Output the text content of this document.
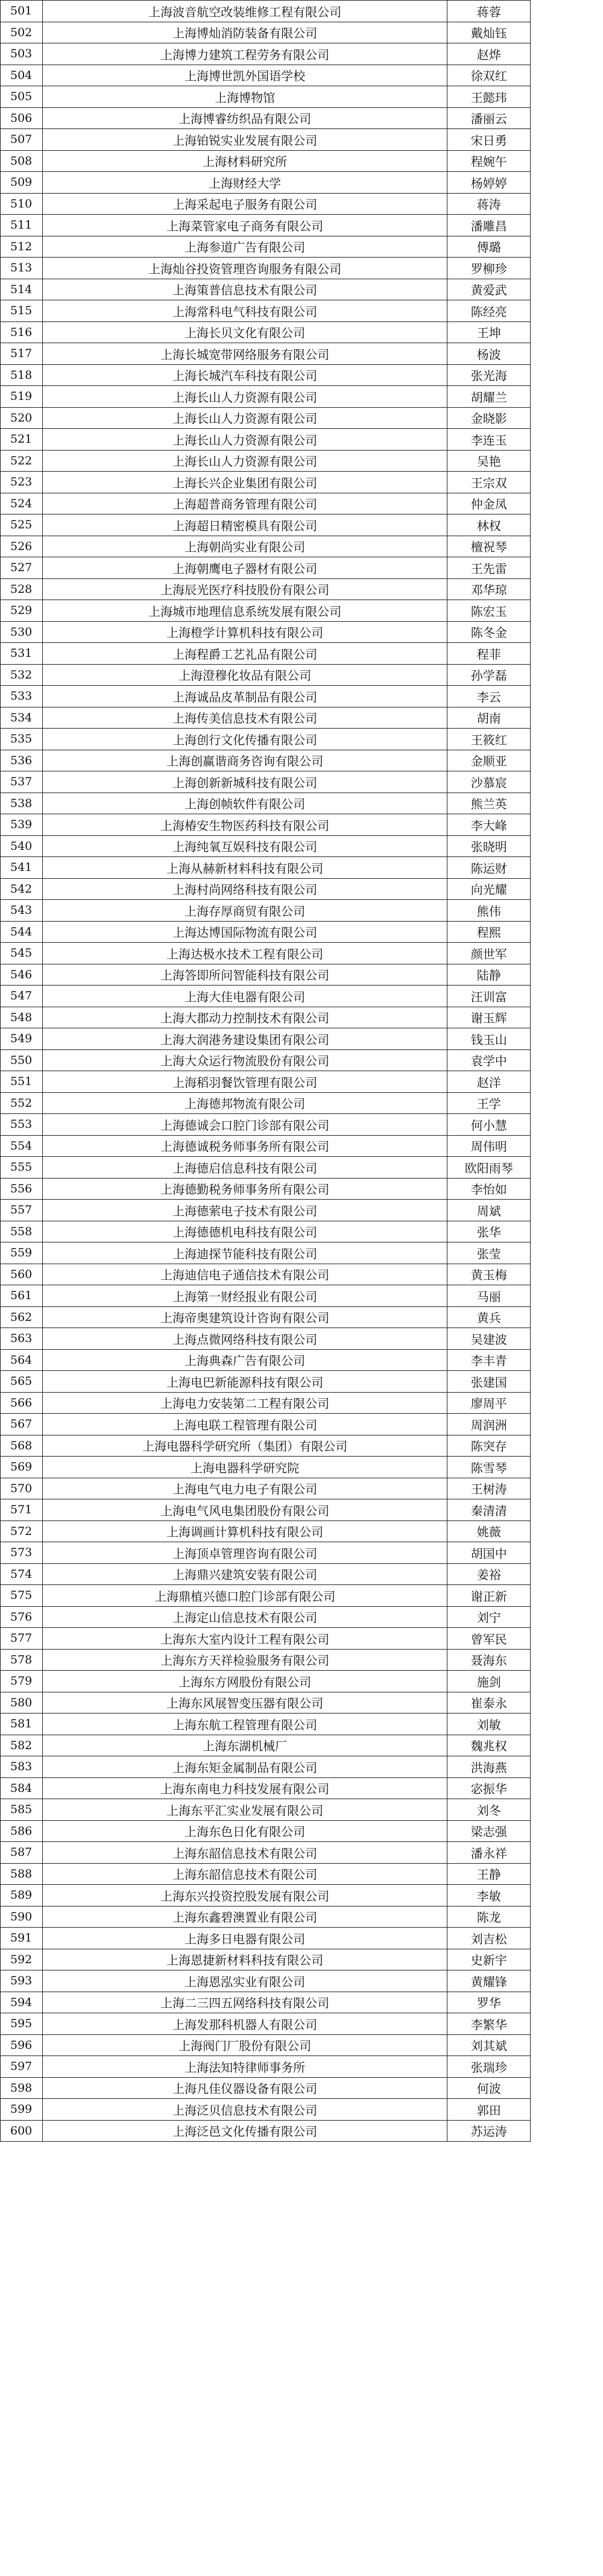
501	上海波音航空改装维修工程有限公司	蒋蓉	
502	上海博灿消防装备有限公司	戴灿钰	
503	上海博力建筑工程劳务有限公司	赵烨	
504	上海博世凯外国语学校	徐双红	
505	上海博物馆	王懿玮	
506	上海博睿纺织品有限公司	潘丽云	
507	上海铂锐实业发展有限公司	宋日勇	
508	上海材料研究所	程婉午	
509	上海财经大学	杨婷婷	
510	上海采起电子服务有限公司	蒋涛	
511	上海菜管家电子商务有限公司	潘雕昌	
512	上海参道广告有限公司	傅璐	
513	上海灿谷投资管理咨询服务有限公司	罗柳珍	
514	上海策普信息技术有限公司	黄爱武	
515	上海常科电气科技有限公司	陈经亮	
516	上海长贝文化有限公司	王坤	
517	上海长城宽带网络服务有限公司	杨波	
518	上海长城汽车科技有限公司	张光海	
519	上海长山人力资源有限公司	胡耀兰	
520	上海长山人力资源有限公司	金晓影	
521	上海长山人力资源有限公司	李连玉	
522	上海长山人力资源有限公司	吴艳	
523	上海长兴企业集团有限公司	王宗双	
524	上海超普商务管理有限公司	仲金凤	
525	上海超日精密模具有限公司	林权	
526	上海朝尚实业有限公司	檀祝琴	
527	上海朝鹰电子器材有限公司	王先雷	
528	上海辰光医疗科技股份有限公司	邓华琼	
529	上海城市地理信息系统发展有限公司	陈宏玉	
530	上海橙学计算机科技有限公司	陈冬金	
531	上海程爵工艺礼品有限公司	程菲	
532	上海澄穆化妆品有限公司	孙学磊	
533	上海诚品皮革制品有限公司	李云	
534	上海传美信息技术有限公司	胡南	
535	上海创行文化传播有限公司	王筱红	
536	上海创赢谐商务咨询有限公司	金顺亚	
537	上海创新新城科技有限公司	沙慕宸	
538	上海创帧软件有限公司	熊兰英	
539	上海椿安生物医药科技有限公司	李大峰	
540	上海纯氧互娱科技有限公司	张晓明	
541	上海从赫新材料科技有限公司	陈运财	
542	上海村尚网络科技有限公司	向光耀	
543	上海存厚商贸有限公司	熊伟	
544	上海达博国际物流有限公司	程熙	
545	上海达极水技术工程有限公司	颜世军	
546	上海答即所问智能科技有限公司	陆静	
547	上海大佳电器有限公司	汪训富	
548	上海大郡动力控制技术有限公司	谢玉辉	
549	上海大润港务建设集团有限公司	钱玉山	
550	上海大众运行物流股份有限公司	袁学中	
551	上海稻羽餐饮管理有限公司	赵洋	
552	上海德邦物流有限公司	王学	
553	上海德诚会口腔门诊部有限公司	何小慧	
554	上海德诚税务师事务所有限公司	周伟明	
555	上海德启信息科技有限公司	欧阳雨琴	
556	上海德勤税务师事务所有限公司	李怡如	
557	上海德萦电子技术有限公司	周斌	
558	上海德德机电科技有限公司	张华	
559	上海迪探节能科技有限公司	张莹	
560	上海迪信电子通信技术有限公司	黄玉梅	
561	上海第一财经报业有限公司	马丽	
562	上海帝奥建筑设计咨询有限公司	黄兵	
563	上海点微网络科技有限公司	吴建波	
564	上海典森广告有限公司	李丰青	
565	上海电巴新能源科技有限公司	张建国	
566	上海电力安装第二工程有限公司	廖周平	
567	上海电联工程管理有限公司	周润洲	
568	上海电器科学研究所（集团）有限公司	陈突存	
569	上海电器科学研究院	陈雪琴	
570	上海电气电力电子有限公司	王树涛	
571	上海电气风电集团股份有限公司	秦清清	
572	上海调画计算机科技有限公司	姚薇	
573	上海顶卓管理咨询有限公司	胡国中	
574	上海鼎兴建筑安装有限公司	姜裕	
575	上海鼎植兴德口腔门诊部有限公司	谢正新	
576	上海定山信息技术有限公司	刘宁	
577	上海东大室内设计工程有限公司	曾军民	
578	上海东方天祥检验服务有限公司	聂海东	
579	上海东方网股份有限公司	施剑	
580	上海东风展智变压器有限公司	崔泰永	
581	上海东航工程管理有限公司	刘敏	
582	上海东湖机械厂	魏兆权	
583	上海东矩金属制品有限公司	洪海燕	
584	上海东南电力科技发展有限公司	宓振华	
585	上海东平汇实业发展有限公司	刘冬	
586	上海东色日化有限公司	梁志强	
587	上海东韶信息技术有限公司	潘永祥	
588	上海东韶信息技术有限公司	王静	
589	上海东兴投资控股发展有限公司	李敏	
590	上海东鑫碧澳置业有限公司	陈龙	
591	上海多日电器有限公司	刘吉松	
592	上海恩捷新材料科技有限公司	史新宇	
593	上海恩泓实业有限公司	黄耀锋	
594	上海二三四五网络科技有限公司	罗华	
595	上海发那科机器人有限公司	李繁华	
596	上海阀门厂股份有限公司	刘其斌	
597	上海法知特律师事务所	张瑞珍	
598	上海凡佳仪器设备有限公司	何波	
599	上海泛贝信息技术有限公司	郭田	
600	上海泛邑文化传播有限公司	苏运涛	
